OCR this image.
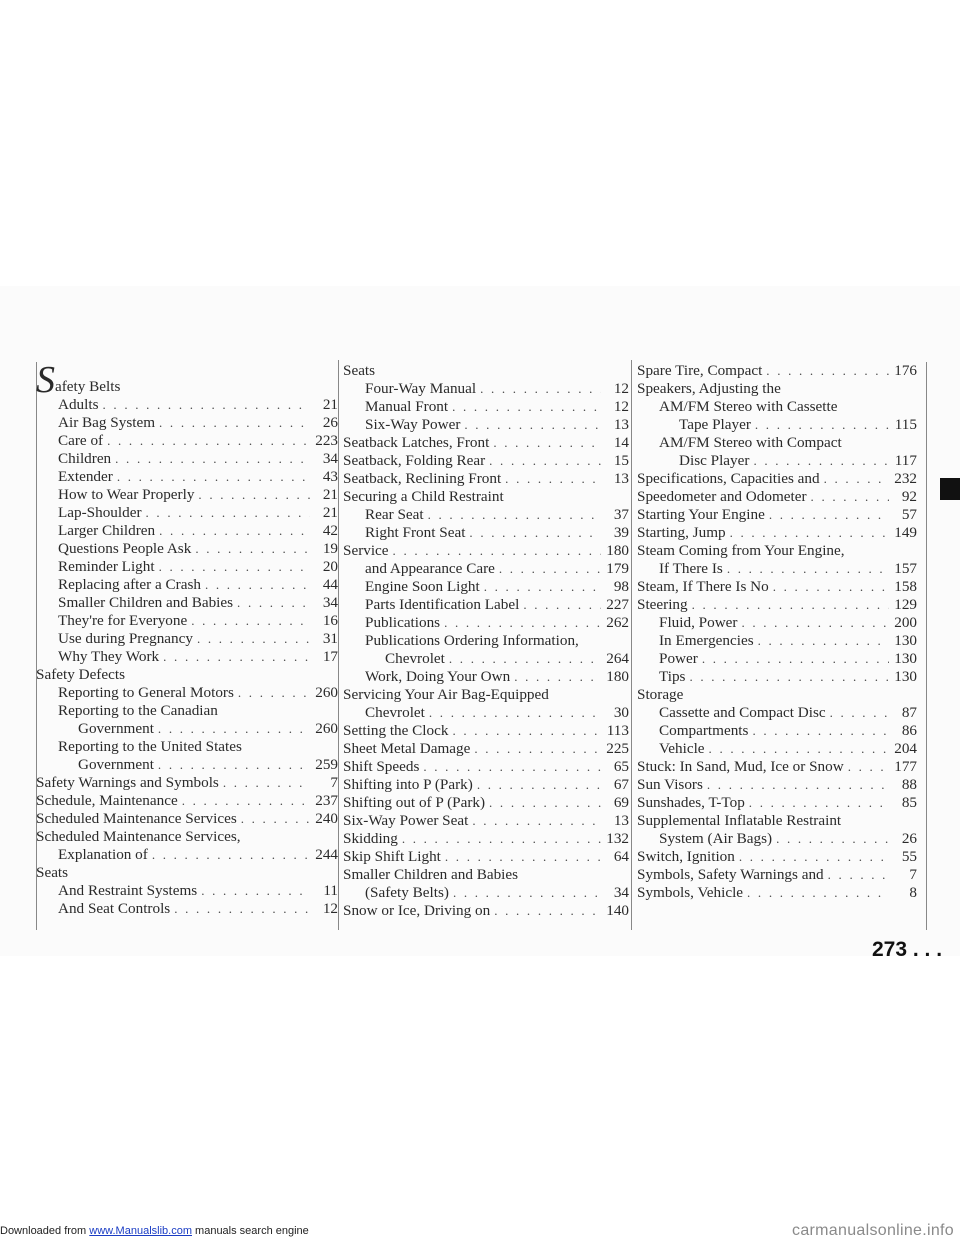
S afety Belts
Adults . . .	21
Air Bag System . . .	26
Care of . . .	223
Children . . .	34
Extender . . .	43
How to Wear Properly . . .	21
Lap-Shoulder . . .	21
Larger Children . . .	42
Questions People Ask . . .	19
Reminder Light . . .	20
Replacing after a Crash . . .	44
Smaller Children and Babies . . .	34
They're for Everyone . . .	16
Use during Pregnancy . . .	31
Why They Work . . .	17
Safety Defects
Reporting to General Motors . . .	260
Reporting to the Canadian
Government . . .	260
Reporting to the United States
Government . . .	259
Safety Warnings and Symbols . . .	7
Schedule, Maintenance . . .	237
Scheduled Maintenance Services . . .	240
Scheduled Maintenance Services,
Explanation of . . .	244
Seats
And Restraint Systems . . .	11
And Seat Controls . . .	12
Seats
Four-Way Manual . . .	12
Manual Front . . .	12
Six-Way Power . . .	13
Seatback Latches, Front . . .	14
Seatback, Folding Rear . . .	15
Seatback, Reclining Front . . .	13
Securing a Child Restraint
Rear Seat . . .	37
Right Front Seat . . .	39
Service . . .	180
and Appearance Care . . .	179
Engine Soon Light . . .	98
Parts Identification Label . . .	227
Publications . . .	262
Publications Ordering Information,
Chevrolet . . .	264
Work, Doing Your Own . . .	180
Servicing Your Air Bag-Equipped
Chevrolet . . .	30
Setting the Clock . . .	113
Sheet Metal Damage . . .	225
Shift Speeds . . .	65
Shifting into P (Park) . . .	67
Shifting out of P (Park) . . .	69
Six-Way Power Seat . . .	13
Skidding . . .	132
Skip Shift Light . . .	64
Smaller Children and Babies
(Safety Belts) . . .	34
Snow or Ice, Driving on . . .	140
Spare Tire, Compact . . .	176
Speakers, Adjusting the
AM/FM Stereo with Cassette
Tape Player . . .	115
AM/FM Stereo with Compact
Disc Player . . .	117
Specifications, Capacities and . . .	232
Speedometer and Odometer . . .	92
Starting Your Engine . . .	57
Starting, Jump . . .	149
Steam Coming from Your Engine,
If There Is . . .	157
Steam, If There Is No . . .	158
Steering . . .	129
Fluid, Power . . .	200
In Emergencies . . .	130
Power . . .	130
Tips . . .	130
Storage
Cassette and Compact Disc . . .	87
Compartments . . .	86
Vehicle . . .	204
Stuck: In Sand, Mud, Ice or Snow . . .	177
Sun Visors . . .	88
Sunshades, T-Top . . .	85
Supplemental Inflatable Restraint
System (Air Bags) . . .	26
Switch, Ignition . . .	55
Symbols, Safety Warnings and . . .	7
Symbols, Vehicle . . .	8
273 . . .
Downloaded from www.Manualslib.com manuals search engine	carmanualsonline.info
